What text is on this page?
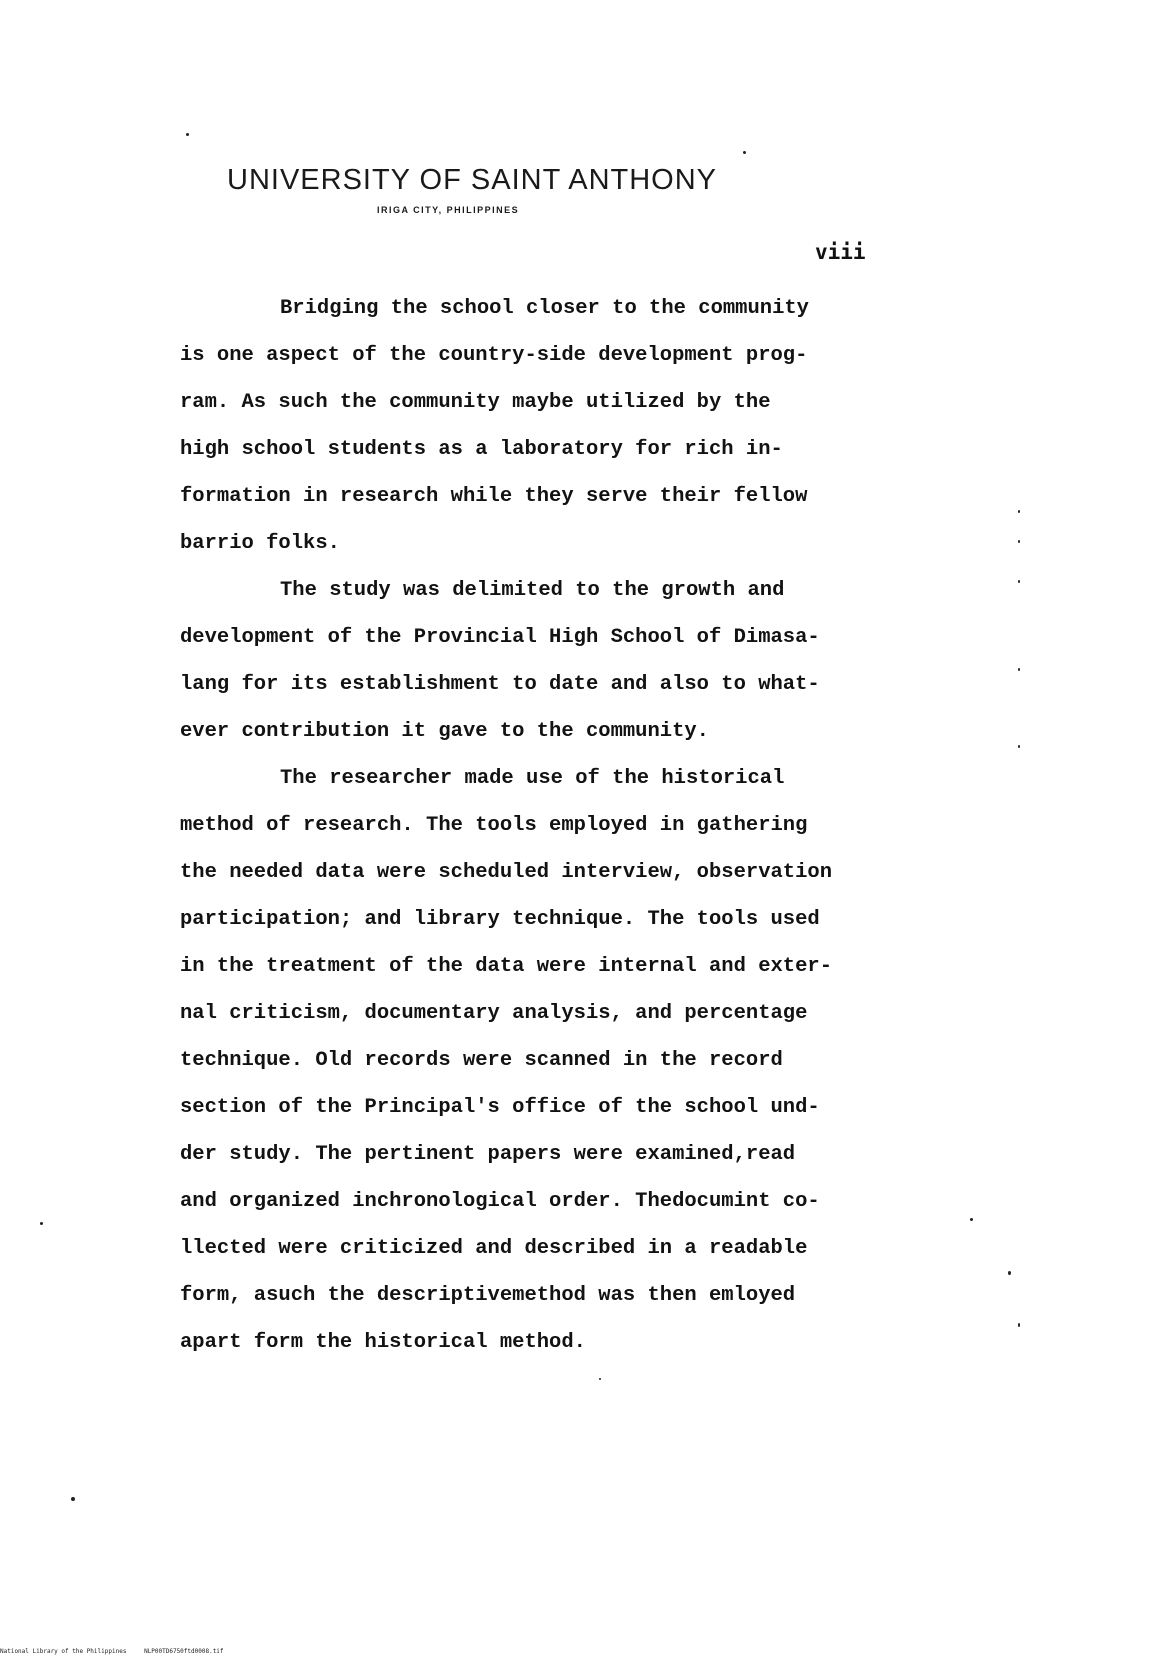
UNIVERSITY OF SAINT ANTHONY
IRIGA CITY, PHILIPPINES
viii
Bridging the school closer to the community
is one aspect of the country-side development prog-
ram. As such the community maybe utilized by the
high school students as a laboratory for rich in-
formation in research while they serve their fellow
barrio folks.
The study was delimited to the growth and
development of the Provincial High School of Dimasa-
lang for its establishment to date and also to what-
ever contribution it gave to the community.
The researcher made use of the historical
method of research. The tools employed in gathering
the needed data were scheduled interview, observation
participation; and library technique. The tools used
in the treatment of the data were internal and exter-
nal criticism, documentary analysis, and percentage
technique. Old records were scanned in the record
section of the Principal's office of the school und-
der study. The pertinent papers were examined,read
and organized inchronological order. Thedocumint co-
llected were criticized and described in a readable
form, asuch the descriptivemethod was then emloyed
apart form the historical method.
National Library of the Philippines	NLP00TD6750ftd0008.tif
